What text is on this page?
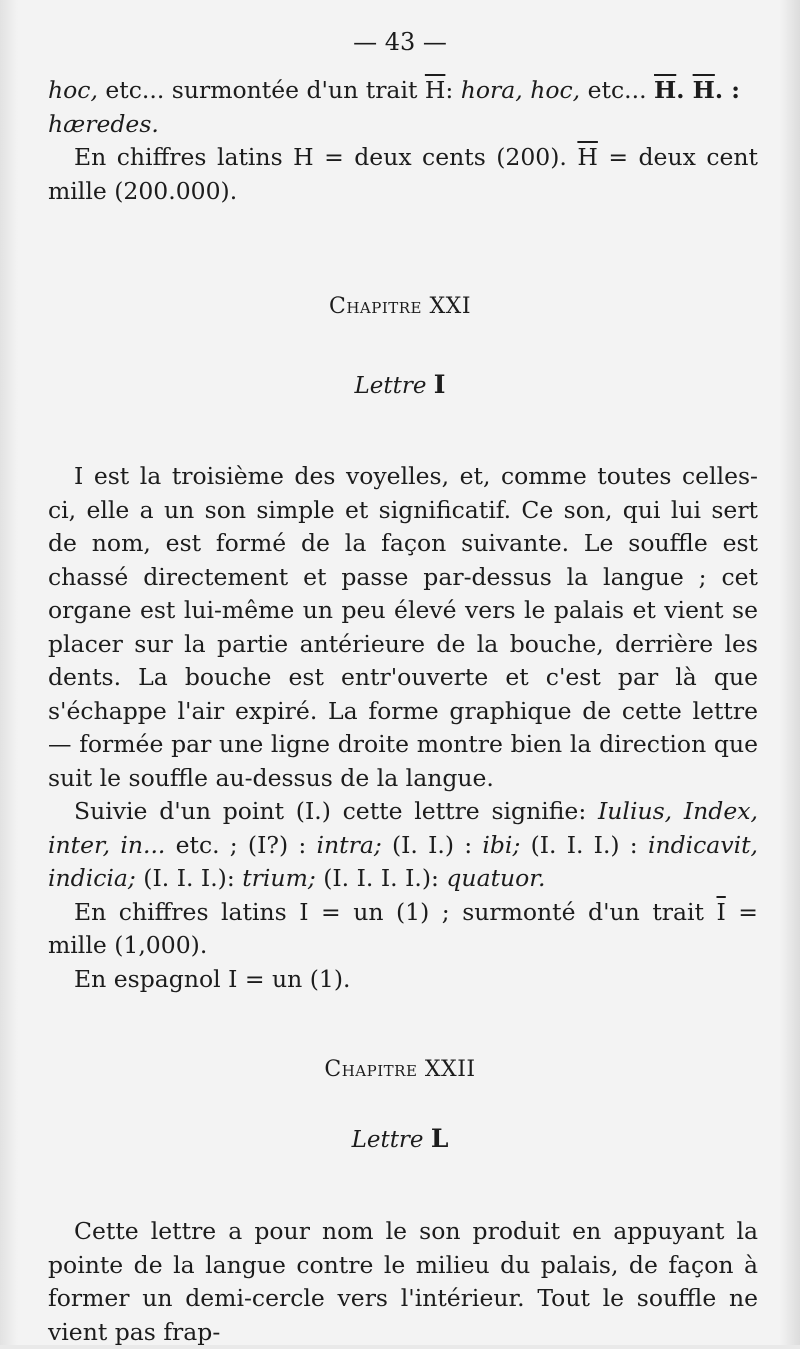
— 43 —

hoc, etc... surmontée d'un trait $\overline{H}$: hora, hoc, etc... $\overline{H}$. $\overline{H}$. :
hæredes.

En chiffres latins H = deux cents (200). $\overline{H}$ = deux cent mille (200.000).

Chapitre XXI
Lettre I

I est la troisième des voyelles, et, comme toutes celles-ci, elle a un son simple et significatif. Ce son, qui lui sert de nom, est formé de la façon suivante. Le souffle est chassé directement et passe par-dessus la langue ; cet organe est lui-même un peu élevé vers le palais et vient se placer sur la partie antérieure de la bouche, derrière les dents. La bouche est entr'ouverte et c'est par là que s'échappe l'air expiré. La forme graphique de cette lettre — formée par une ligne droite montre bien la direction que suit le souffle au-dessus de la langue.

Suivie d'un point (I.) cette lettre signifie: Iulius, Index, inter, in... etc. ; (I?) : intra; (I. I.) : ibi; (I. I. I.) : indicavit, indicia; (I. I. I.): trium; (I. I. I. I.): quatuor.

En chiffres latins I = un (1) ; surmonté d'un trait $\overline{I}$ = mille (1,000).

En espagnol I = un (1).

Chapitre XXII
Lettre L

Cette lettre a pour nom le son produit en appuyant la pointe de la langue contre le milieu du palais, de façon à former un demi-cercle vers l'intérieur. Tout le souffle ne vient pas frap-
